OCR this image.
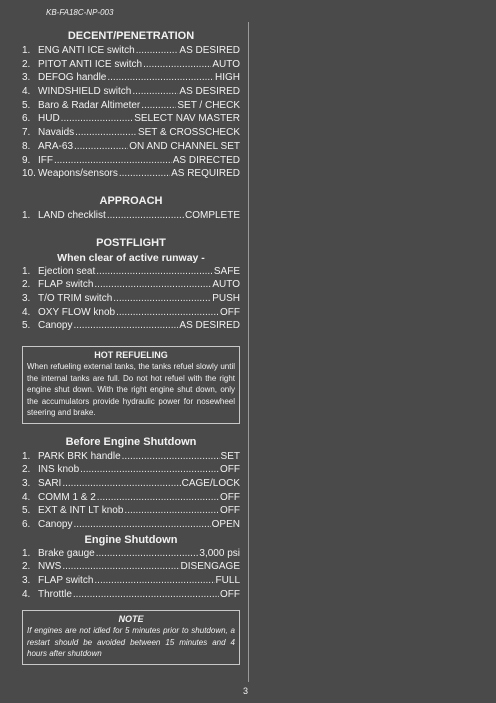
KB-FA18C-NP-003
DECENT/PENETRATION
1. ENG ANTI ICE switch .....	AS DESIRED
2. PITOT ANTI ICE switch .....	AUTO
3. DEFOG handle .....	HIGH
4. WINDSHIELD switch .....	AS DESIRED
5. Baro & Radar Altimeter .....	SET / CHECK
6. HUD .....	SELECT NAV MASTER
7. Navaids .....	SET & CROSSCHECK
8. ARA-63 .....	ON AND CHANNEL SET
9. IFF .....	AS DIRECTED
10. Weapons/sensors .....	AS REQUIRED
APPROACH
1. LAND checklist .....	COMPLETE
POSTFLIGHT
When clear of active runway -
1. Ejection seat .....	SAFE
2. FLAP switch .....	AUTO
3. T/O TRIM switch .....	PUSH
4. OXY FLOW knob .....	OFF
5. Canopy .....	AS DESIRED
HOT REFUELING

When refueling external tanks, the tanks refuel slowly until the internal tanks are full. Do not hot refuel with the right engine shut down. With the right engine shut down, only the accumulators provide hydraulic power for nosewheel steering and brake.

Before Engine Shutdown
1. PARK BRK handle .....	SET
2. INS knob .....	OFF
3. SARI .....	CAGE/LOCK
4. COMM 1 & 2 .....	OFF
5. EXT & INT LT knob .....	OFF
6. Canopy .....	OPEN
Engine Shutdown
1. Brake gauge .....	3,000 psi
2. NWS .....	DISENGAGE
3. FLAP switch .....	FULL
4. Throttle .....	OFF
NOTE

If engines are not idled for 5 minutes prior to shutdown, a restart should be avoided between 15 minutes and 4 hours after shutdown

3
